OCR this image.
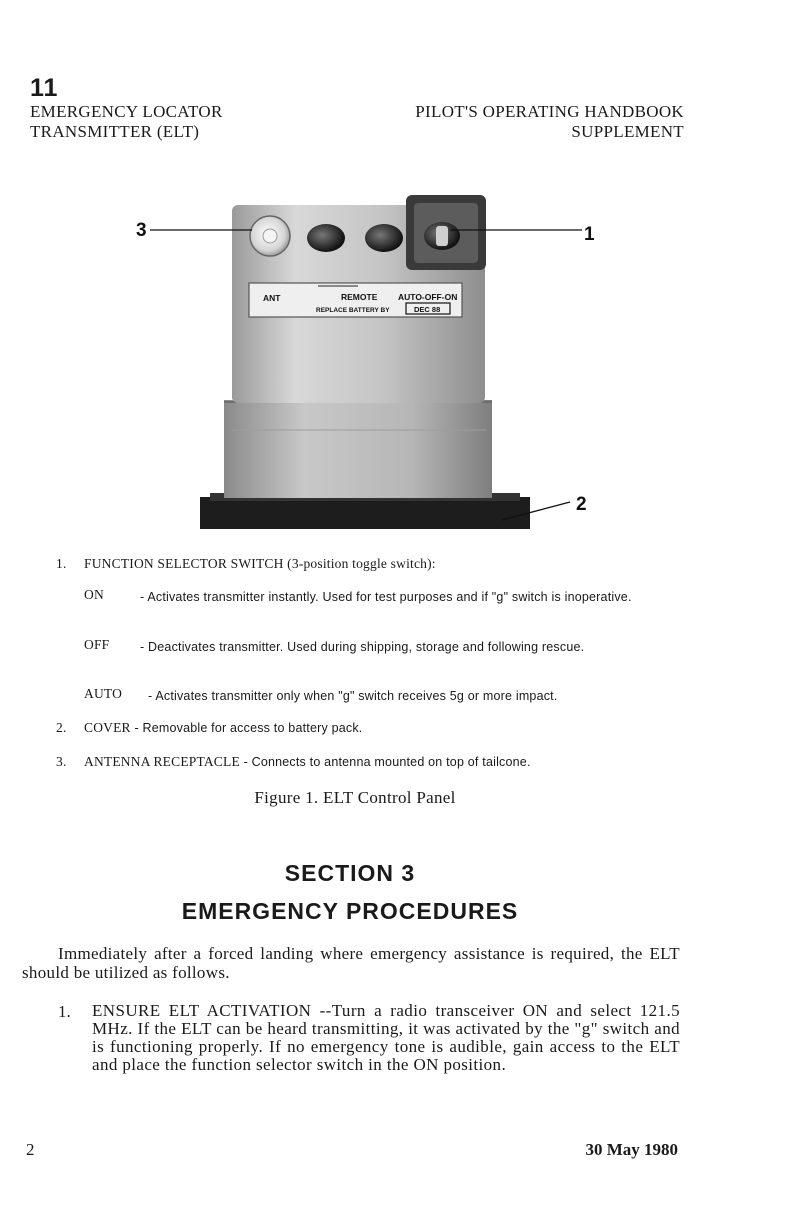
11
EMERGENCY LOCATOR
TRANSMITTER (ELT)
PILOT'S OPERATING HANDBOOK
SUPPLEMENT
ANT	REMOTE AUTO-OFF-ON
REPLACE BATTERY BY	DEC 88
3	1
2
1. FUNCTION SELECTOR SWITCH (3-position toggle switch):
ON	- Activates transmitter instantly. Used for test purposes and if "g" switch is inoperative.
OFF - Deactivates transmitter. Used during shipping, storage and following rescue.
AUTO - Activates transmitter only when "g" switch receives 5g or more impact.
2. COVER - Removable for access to battery pack.
3. ANTENNA RECEPTACLE - Connects to antenna mounted on top of tailcone.
Figure 1. ELT Control Panel
SECTION 3
EMERGENCY PROCEDURES
Immediately after a forced landing where emergency assistance is required, the ELT should be utilized as follows.
1. ENSURE ELT ACTIVATION --Turn a radio transceiver ON and select 121.5 MHz. If the ELT can be heard transmitting, it was activated by the "g" switch and is functioning properly. If no emergency tone is audible, gain access to the ELT and place the function selector switch in the ON position.
2	30 May 1980
